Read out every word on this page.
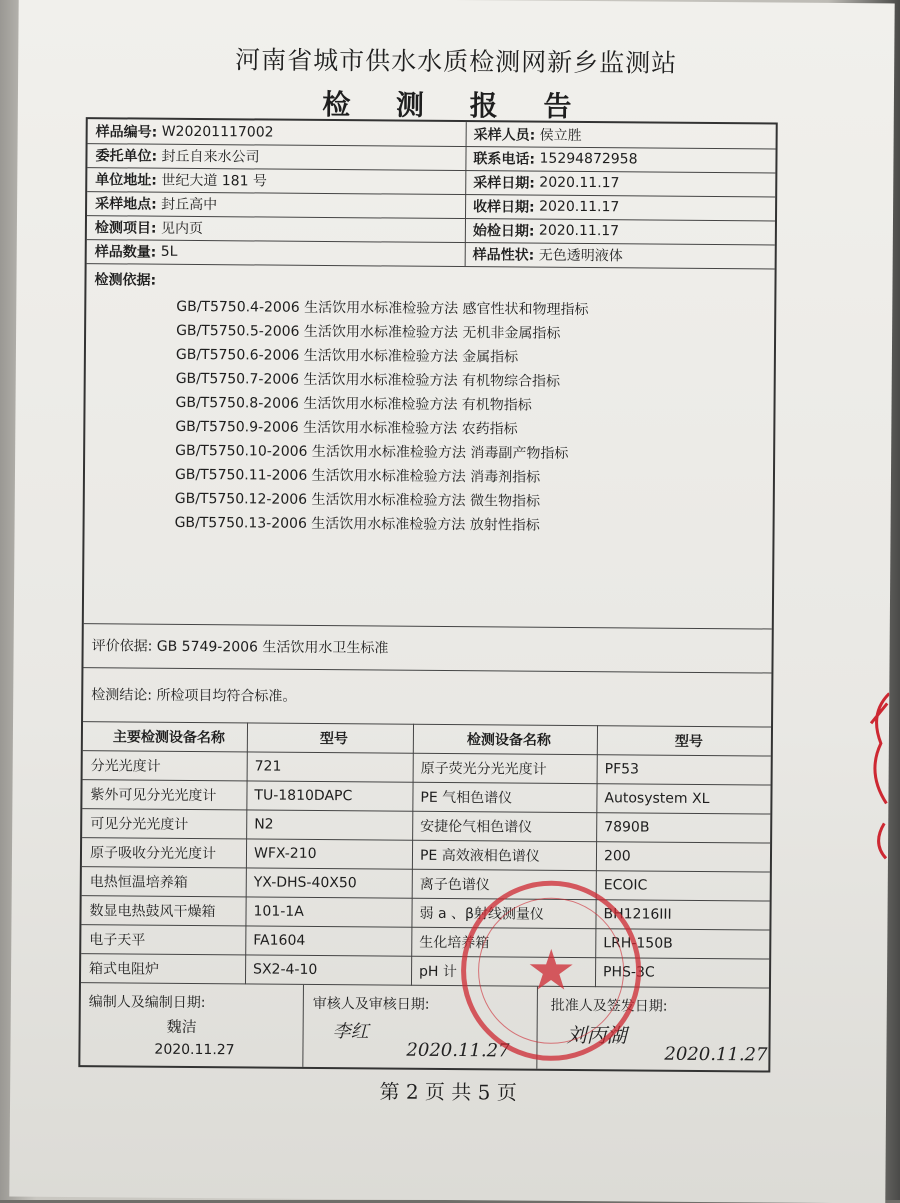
河南省城市供水水质检测网新乡监测站
检 测 报 告
样品编号:
W20201117002	采样人员:
侯立胜
委托单位:
封丘自来水公司	联系电话:
15294872958
单位地址:
世纪大道 181 号	采样日期:
2020.11.17
采样地点:
封丘高中	收样日期:
2020.11.17
检测项目:
见内页	始检日期:
2020.11.17
样品数量:
5L	样品性状:
无色透明液体
检测依据:
GB/T5750.4-2006 生活饮用水标准检验方法 感官性状和物理指标
GB/T5750.5-2006 生活饮用水标准检验方法 无机非金属指标
GB/T5750.6-2006 生活饮用水标准检验方法 金属指标
GB/T5750.7-2006 生活饮用水标准检验方法 有机物综合指标
GB/T5750.8-2006 生活饮用水标准检验方法 有机物指标
GB/T5750.9-2006 生活饮用水标准检验方法 农药指标
GB/T5750.10-2006 生活饮用水标准检验方法 消毒副产物指标
GB/T5750.11-2006 生活饮用水标准检验方法 消毒剂指标
GB/T5750.12-2006 生活饮用水标准检验方法 微生物指标
GB/T5750.13-2006 生活饮用水标准检验方法 放射性指标
评价依据: GB 5749-2006 生活饮用水卫生标准
检测结论: 所检项目均符合标准。
主要检测设备名称	型号	检测设备名称	型号
分光光度计	721	原子荧光分光光度计	PF53
紫外可见分光光度计	TU-1810DAPC	PE 气相色谱仪	Autosystem XL
可见分光光度计	N2	安捷伦气相色谱仪	7890B
原子吸收分光光度计	WFX-210	PE 高效液相色谱仪	200
电热恒温培养箱	YX-DHS-40X50	离子色谱仪	ECOIC
数显电热鼓风干燥箱	101-1A	弱 a 、β射线测量仪	BH1216III
电子天平	FA1604	生化培养箱	LRH-150B
箱式电阻炉	SX2-4-10	pH 计	PHS-3C
编制人及编制日期:
魏洁
2020.11.27
审核人及审核日期:
李红
2020.11.27
批准人及签发日期:
刘丙湖
2020.11.27
★
第 2 页 共 5 页
